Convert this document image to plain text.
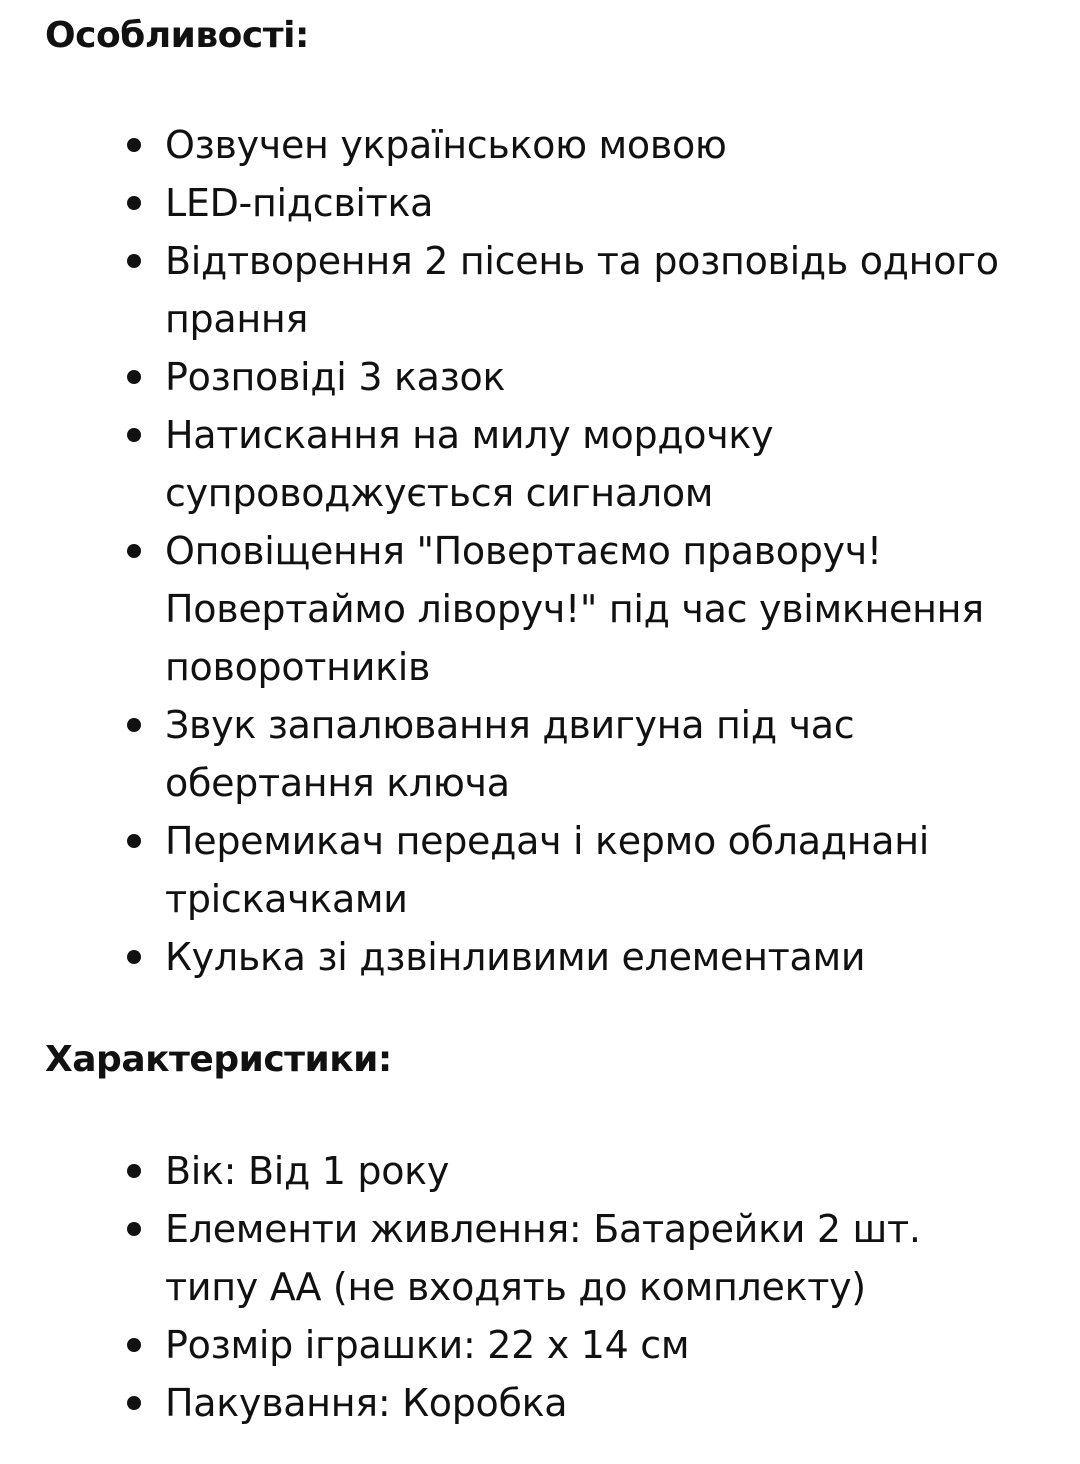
Особливості:
Озвучен українською мовою
LED-підсвітка
Відтворення 2 пісень та розповідь одного прання
Розповіді 3 казок
Натискання на милу мордочку супроводжується сигналом
Оповіщення "Повертаємо праворуч! Повертаймо ліворуч!" під час увімкнення поворотників
Звук запалювання двигуна під час обертання ключа
Перемикач передач і кермо обладнані тріскачками
Кулька зі дзвінливими елементами
Характеристики:
Вік: Від 1 року
Елементи живлення: Батарейки 2 шт. типу АА (не входять до комплекту)
Розмір іграшки: 22 х 14 см
Пакування: Коробка
